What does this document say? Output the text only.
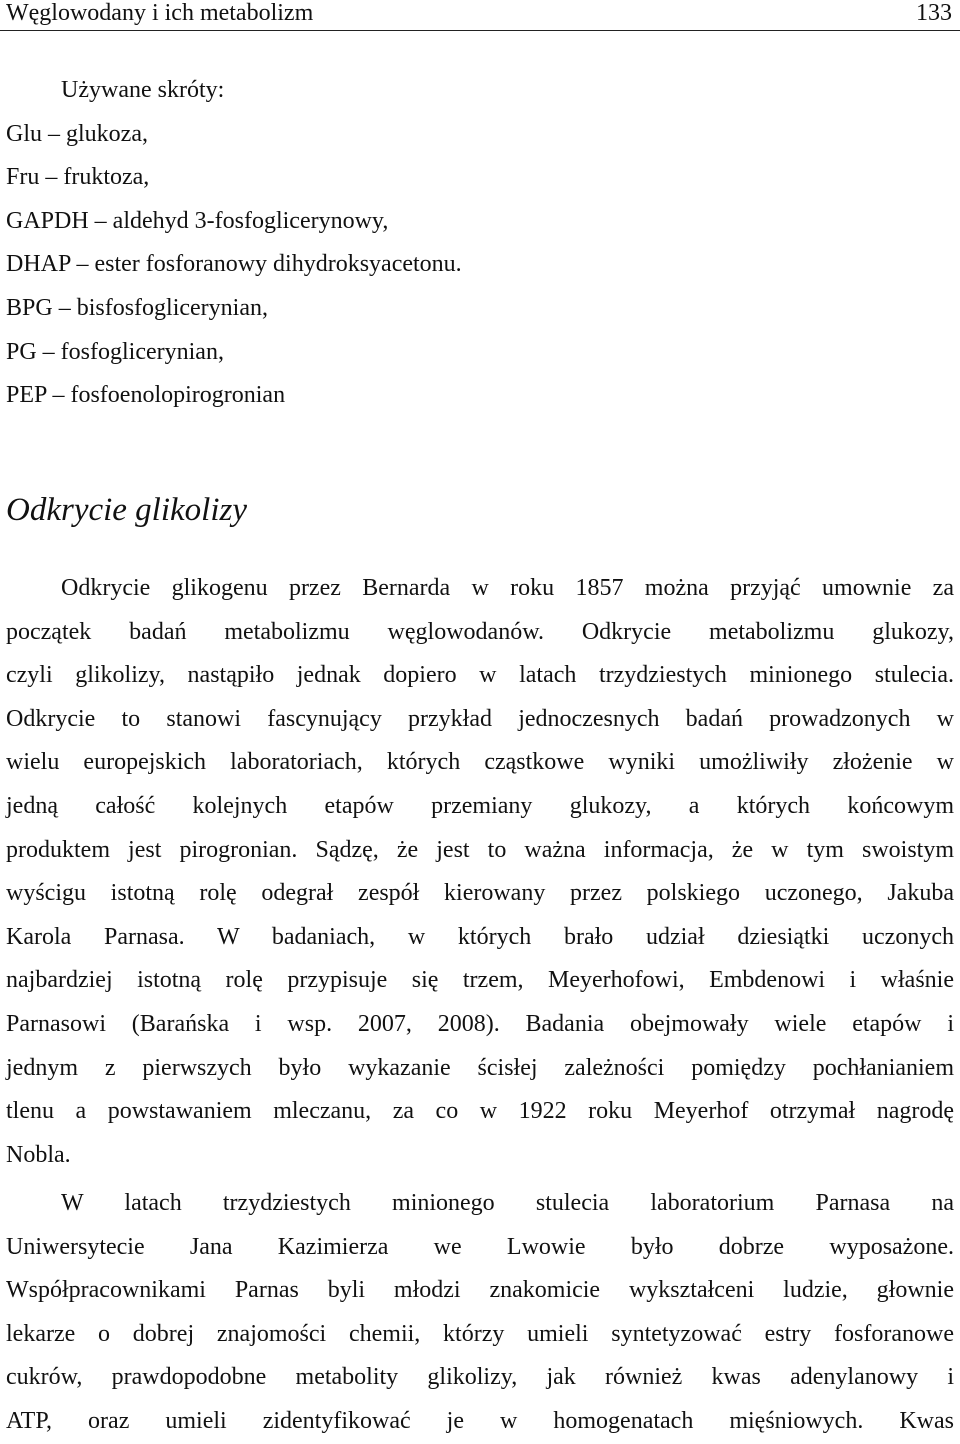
Węglowodany i ich metabolizm	133
Używane skróty:
Glu – glukoza,
Fru – fruktoza,
GAPDH – aldehyd 3-fosfoglicerynowy,
DHAP – ester fosforanowy dihydroksyacetonu.
BPG – bisfosfoglicerynian,
PG – fosfoglicerynian,
PEP – fosfoenolopirogronian
Odkrycie glikolizy
Odkrycie glikogenu przez Bernarda w roku 1857 można przyjąć umownie za
początek badań metabolizmu węglowodanów. Odkrycie metabolizmu glukozy,
czyli glikolizy, nastąpiło jednak dopiero w latach trzydziestych minionego stulecia.
Odkrycie to stanowi fascynujący przykład jednoczesnych badań prowadzonych w
wielu europejskich laboratoriach, których cząstkowe wyniki umożliwiły złożenie w
jedną całość kolejnych etapów przemiany glukozy, a których końcowym
produktem jest pirogronian. Sądzę, że jest to ważna informacja, że w tym swoistym
wyścigu istotną rolę odegrał zespół kierowany przez polskiego uczonego, Jakuba
Karola Parnasa. W badaniach, w których brało udział dziesiątki uczonych
najbardziej istotną rolę przypisuje się trzem, Meyerhofowi, Embdenowi i właśnie
Parnasowi (Barańska i wsp. 2007, 2008). Badania obejmowały wiele etapów i
jednym z pierwszych było wykazanie ścisłej zależności pomiędzy pochłanianiem
tlenu a powstawaniem mleczanu, za co w 1922 roku Meyerhof otrzymał nagrodę
Nobla.
W latach trzydziestych minionego stulecia laboratorium Parnasa na
Uniwersytecie Jana Kazimierza we Lwowie było dobrze wyposażone.
Współpracownikami Parnas byli młodzi znakomicie wykształceni ludzie, głownie
lekarze o dobrej znajomości chemii, którzy umieli syntetyzować estry fosforanowe
cukrów, prawdopodobne metabolity glikolizy, jak również kwas adenylanowy i
ATP, oraz umieli zidentyfikować je w homogenatach mięśniowych. Kwas
